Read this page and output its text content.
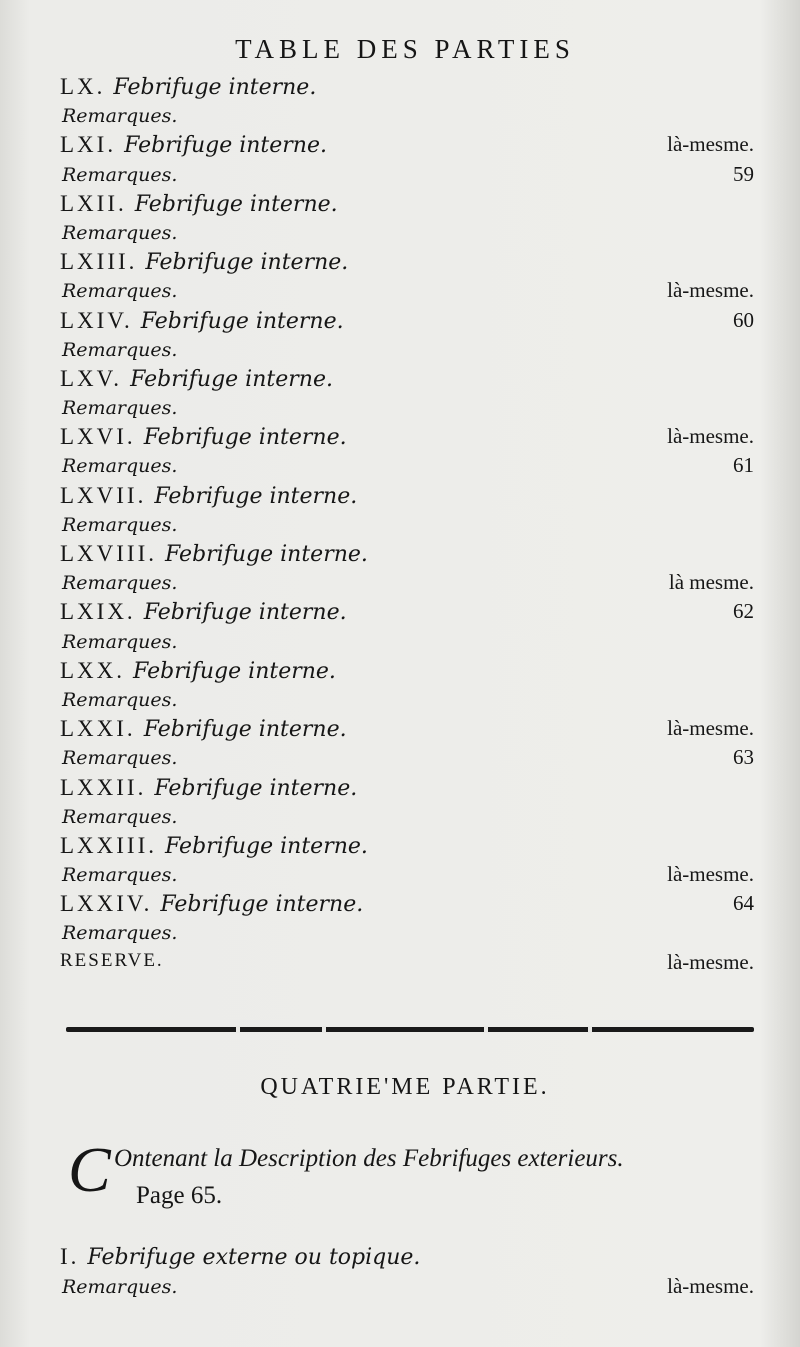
TABLE DES PARTIES
LX. Febrifuge interne.
Remarques.
LXI. Febrifuge interne.	là-mesme.
Remarques.	59
LXII. Febrifuge interne.
Remarques.
LXIII. Febrifuge interne.
Remarques.	là-mesme.
LXIV. Febrifuge interne.	60
Remarques.
LXV. Febrifuge interne.
Remarques.
LXVI. Febrifuge interne.	là-mesme.
Remarques.	61
LXVII. Febrifuge interne.
Remarques.
LXVIII. Febrifuge interne.
Remarques.	là mesme.
LXIX. Febrifuge interne.	62
Remarques.
LXX. Febrifuge interne.
Remarques.
LXXI. Febrifuge interne.	là-mesme.
Remarques.	63
LXXII. Febrifuge interne.
Remarques.
LXXIII. Febrifuge interne.
Remarques.	là-mesme.
LXXIV. Febrifuge interne.	64
Remarques.
RESERVE.	là-mesme.
QUATRIE'ME PARTIE.
C Ontenant la Description des Febrifuges exterieurs.
Page 65.
I. Febrifuge externe ou topique.
Remarques.	là-mesme.
